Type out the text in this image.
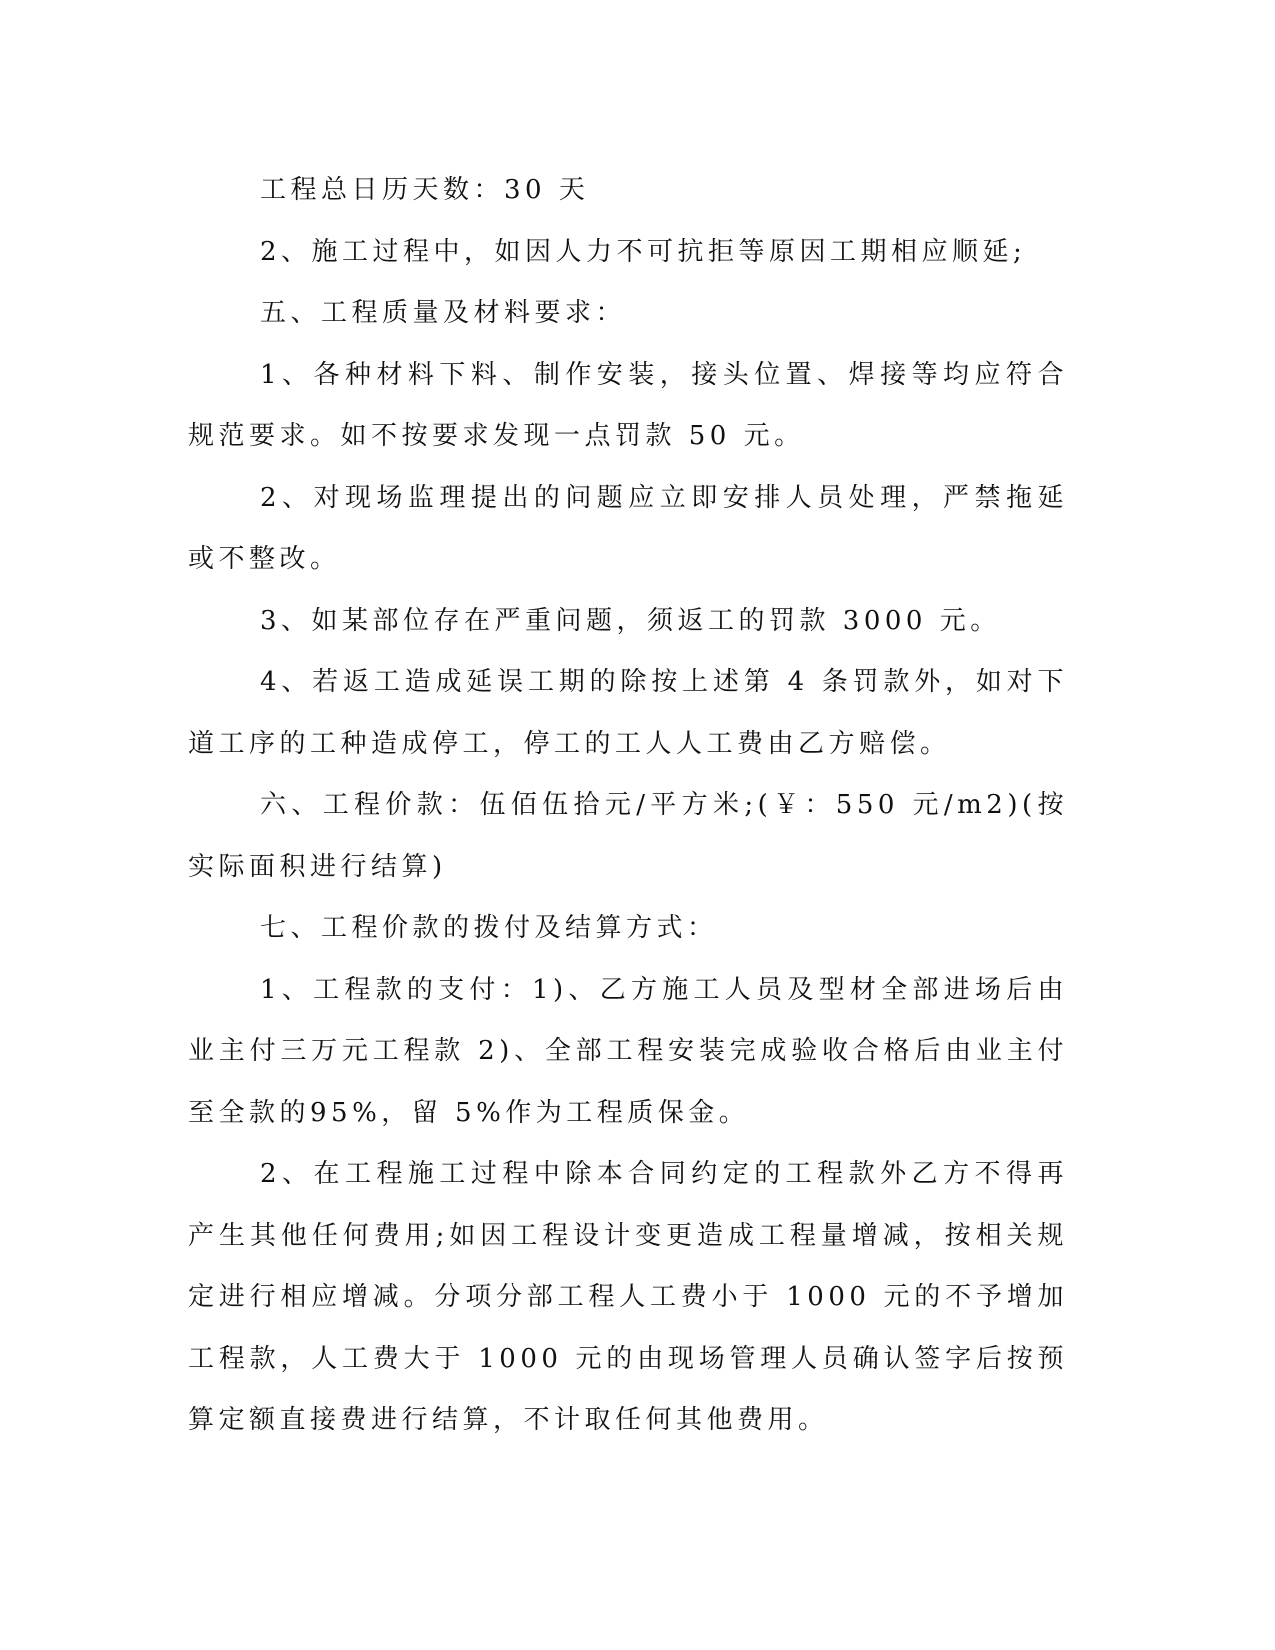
工程总日历天数：30 天

2、施工过程中，如因人力不可抗拒等原因工期相应顺延;

五、工程质量及材料要求：

1、各种材料下料、制作安装，接头位置、焊接等均应符合规范要求。如不按要求发现一点罚款 50 元。

2、对现场监理提出的问题应立即安排人员处理，严禁拖延或不整改。

3、如某部位存在严重问题，须返工的罚款 3000 元。

4、若返工造成延误工期的除按上述第 4 条罚款外，如对下道工序的工种造成停工，停工的工人人工费由乙方赔偿。

六、工程价款：伍佰伍拾元/平方米;(￥：550 元/m2)(按实际面积进行结算)

七、工程价款的拨付及结算方式：

1、工程款的支付：1)、乙方施工人员及型材全部进场后由业主付三万元工程款 2)、全部工程安装完成验收合格后由业主付至全款的95%，留 5%作为工程质保金。

2、在工程施工过程中除本合同约定的工程款外乙方不得再产生其他任何费用;如因工程设计变更造成工程量增减，按相关规定进行相应增减。分项分部工程人工费小于 1000 元的不予增加工程款，人工费大于 1000 元的由现场管理人员确认签字后按预算定额直接费进行结算，不计取任何其他费用。
